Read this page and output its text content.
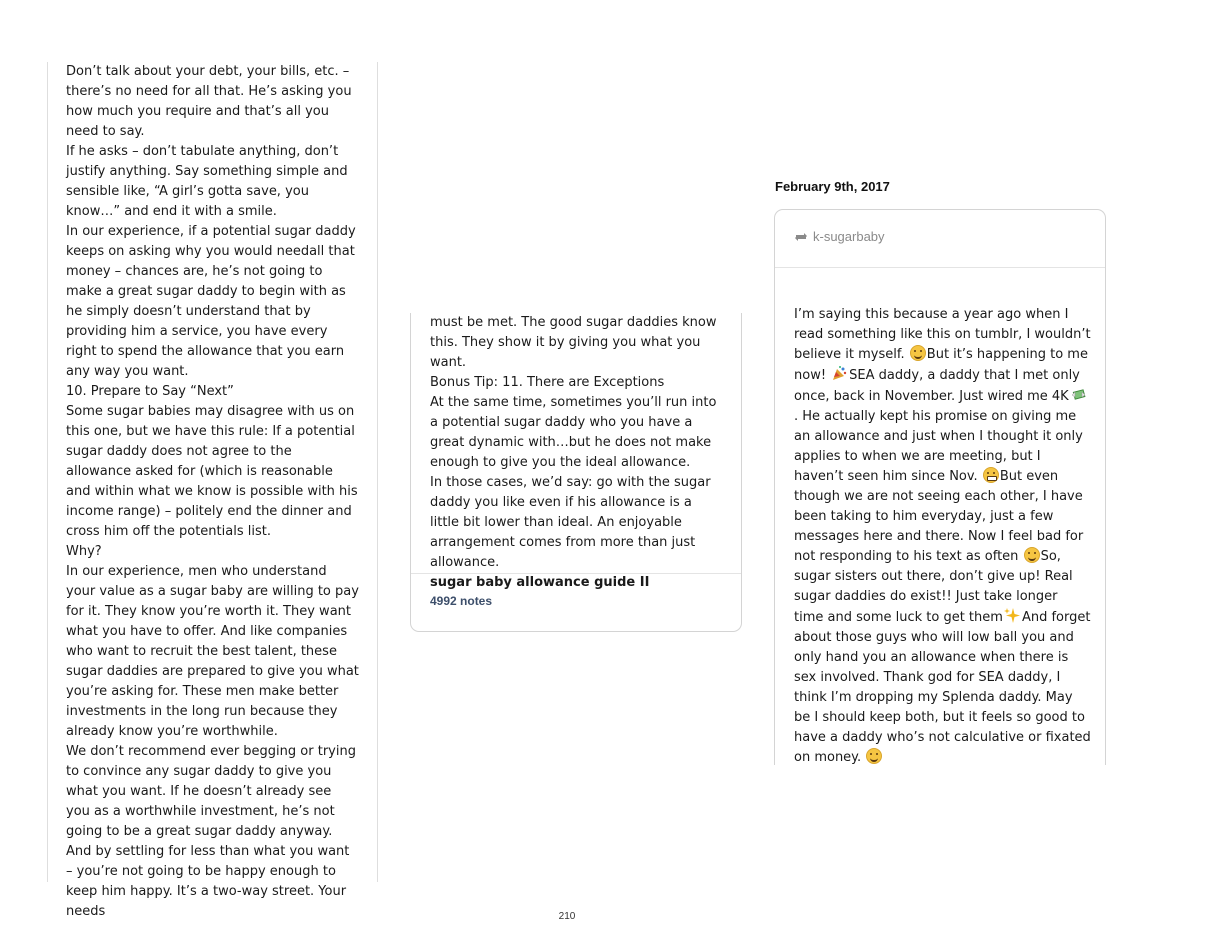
Don’t talk about your debt, your bills, etc. – there’s no need for all that. He’s asking you how much you require and that’s all you need to say.

If he asks – don’t tabulate anything, don’t justify anything. Say something simple and sensible like, “A girl’s gotta save, you know…” and end it with a smile.

In our experience, if a potential sugar daddy keeps on asking why you would needall that money – chances are, he’s not going to make a great sugar daddy to begin with as he simply doesn’t understand that by providing him a service, you have every right to spend the allowance that you earn any way you want.

10. Prepare to Say “Next”

Some sugar babies may disagree with us on this one, but we have this rule: If a potential sugar daddy does not agree to the allowance asked for (which is reasonable and within what we know is possible with his income range) – politely end the dinner and cross him off the potentials list.

Why?

In our experience, men who understand your value as a sugar baby are willing to pay for it. They know you’re worth it. They want what you have to offer. And like companies who want to recruit the best talent, these sugar daddies are prepared to give you what you’re asking for. These men make better investments in the long run because they already know you’re worthwhile.

We don’t recommend ever begging or trying to convince any sugar daddy to give you what you want. If he doesn’t already see you as a worthwhile investment, he’s not going to be a great sugar daddy anyway.

And by settling for less than what you want – you’re not going to be happy enough to keep him happy. It’s a two-way street. Your needs

must be met. The good sugar daddies know this. They show it by giving you what you want.

Bonus Tip: 11. There are Exceptions

At the same time, sometimes you’ll run into a potential sugar daddy who you have a great dynamic with…but he does not make enough to give you the ideal allowance.

In those cases, we’d say: go with the sugar daddy you like even if his allowance is a little bit lower than ideal. An enjoyable arrangement comes from more than just allowance.

sugar baby allowance guide II

4992 notes
February 9th, 2017
k-sugarbaby
I’m saying this because a year ago when I read something like this on tumblr, I wouldn’t believe it myself. But it’s happening to me now! SEA daddy, a daddy that I met only once, back in November. Just wired me 4K. He actually kept his promise on giving me an allowance and just when I thought it only applies to when we are meeting, but I haven’t seen him since Nov. But even though we are not seeing each other, I have been taking to him everyday, just a few messages here and there. Now I feel bad for not responding to his text as often So, sugar sisters out there, don’t give up! Real sugar daddies do exist!! Just take longer time and some luck to get them And forget about those guys who will low ball you and only hand you an allowance when there is sex involved. Thank god for SEA daddy, I think I’m dropping my Splenda daddy. May be I should keep both, but it feels so good to have a daddy who’s not calculative or fixated on money.
210
